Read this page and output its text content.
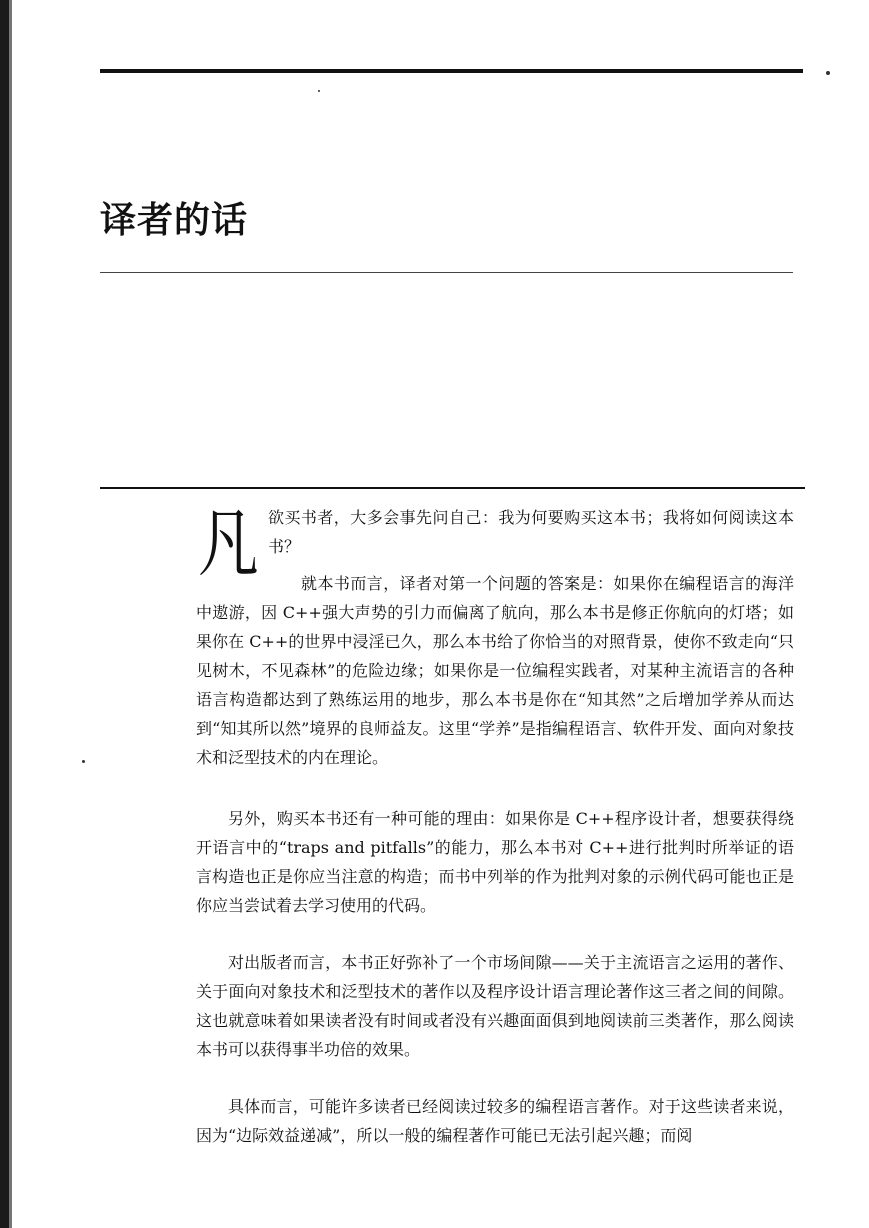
译者的话
凡 欲买书者，大多会事先问自己：我为何要购买这本书；我将如何阅读这本书？

就本书而言，译者对第一个问题的答案是：如果你在编程语言的海洋中遨游，因 C++强大声势的引力而偏离了航向，那么本书是修正你航向的灯塔；如果你在 C++的世界中浸淫已久，那么本书给了你恰当的对照背景，使你不致走向“只见树木，不见森林”的危险边缘；如果你是一位编程实践者，对某种主流语言的各种语言构造都达到了熟练运用的地步，那么本书是你在“知其然”之后增加学养从而达到“知其所以然”境界的良师益友。这里“学养”是指编程语言、软件开发、面向对象技术和泛型技术的内在理论。

另外，购买本书还有一种可能的理由：如果你是 C++程序设计者，想要获得绕开语言中的“traps and pitfalls”的能力，那么本书对 C++进行批判时所举证的语言构造也正是你应当注意的构造；而书中列举的作为批判对象的示例代码可能也正是你应当尝试着去学习使用的代码。

对出版者而言，本书正好弥补了一个市场间隙——关于主流语言之运用的著作、关于面向对象技术和泛型技术的著作以及程序设计语言理论著作这三者之间的间隙。这也就意味着如果读者没有时间或者没有兴趣面面俱到地阅读前三类著作，那么阅读本书可以获得事半功倍的效果。

具体而言，可能许多读者已经阅读过较多的编程语言著作。对于这些读者来说，因为“边际效益递减”，所以一般的编程著作可能已无法引起兴趣；而阅
